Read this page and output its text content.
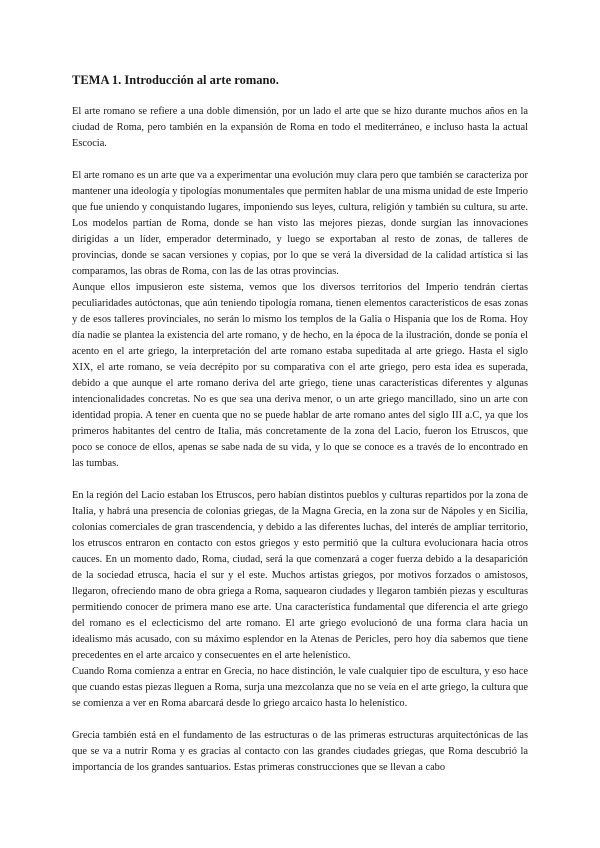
TEMA 1. Introducción al arte romano.

El arte romano se refiere a una doble dimensión, por un lado el arte que se hizo durante muchos años en la ciudad de Roma, pero también en la expansión de Roma en todo el mediterráneo, e incluso hasta la actual Escocia.

El arte romano es un arte que va a experimentar una evolución muy clara pero que también se caracteriza por mantener una ideología y tipologías monumentales que permiten hablar de una misma unidad de este Imperio que fue uniendo y conquistando lugares, imponiendo sus leyes, cultura, religión y también su cultura, su arte. Los modelos partían de Roma, donde se han visto las mejores piezas, donde surgían las innovaciones dirigidas a un líder, emperador determinado, y luego se exportaban al resto de zonas, de talleres de provincias, donde se sacan versiones y copias, por lo que se verá la diversidad de la calidad artística si las comparamos, las obras de Roma, con las de las otras provincias.

Aunque ellos impusieron este sistema, vemos que los diversos territorios del Imperio tendrán ciertas peculiaridades autóctonas, que aún teniendo tipología romana, tienen elementos característicos de esas zonas y de esos talleres provinciales, no serán lo mismo los templos de la Galia o Hispania que los de Roma. Hoy día nadie se plantea la existencia del arte romano, y de hecho, en la época de la ilustración, donde se ponía el acento en el arte griego, la interpretación del arte romano estaba supeditada al arte griego. Hasta el siglo XIX, el arte romano, se veía decrépito por su comparativa con el arte griego, pero esta idea es superada, debido a que aunque el arte romano deriva del arte griego, tiene unas características diferentes y algunas intencionalidades concretas. No es que sea una deriva menor, o un arte griego mancillado, sino un arte con identidad propia. A tener en cuenta que no se puede hablar de arte romano antes del siglo III a.C, ya que los primeros habitantes del centro de Italia, más concretamente de la zona del Lacio, fueron los Etruscos, que poco se conoce de ellos, apenas se sabe nada de su vida, y lo que se conoce es a través de lo encontrado en las tumbas.

En la región del Lacio estaban los Etruscos, pero habían distintos pueblos y culturas repartidos por la zona de Italia, y habrá una presencia de colonias griegas, de la Magna Grecia, en la zona sur de Nápoles y en Sicilia, colonias comerciales de gran trascendencia, y debido a las diferentes luchas, del interés de ampliar territorio, los etruscos entraron en contacto con estos griegos y esto permitió que la cultura evolucionara hacia otros cauces. En un momento dado, Roma, ciudad, será la que comenzará a coger fuerza debido a la desaparición de la sociedad etrusca, hacia el sur y el este. Muchos artistas griegos, por motivos forzados o amistosos, llegaron, ofreciendo mano de obra griega a Roma, saquearon ciudades y llegaron también piezas y esculturas permitiendo conocer de primera mano ese arte. Una característica fundamental que diferencia el arte griego del romano es el eclecticismo del arte romano. El arte griego evolucionó de una forma clara hacia un idealismo más acusado, con su máximo esplendor en la Atenas de Pericles, pero hoy día sabemos que tiene precedentes en el arte arcaico y consecuentes en el arte helenístico.

Cuando Roma comienza a entrar en Grecia, no hace distinción, le vale cualquier tipo de escultura, y eso hace que cuando estas piezas lleguen a Roma, surja una mezcolanza que no se veía en el arte griego, la cultura que se comienza a ver en Roma abarcará desde lo griego arcaico hasta lo helenístico.

Grecia también está en el fundamento de las estructuras o de las primeras estructuras arquitectónicas de las que se va a nutrir Roma y es gracias al contacto con las grandes ciudades griegas, que Roma descubrió la importancia de los grandes santuarios. Estas primeras construcciones que se llevan a cabo
